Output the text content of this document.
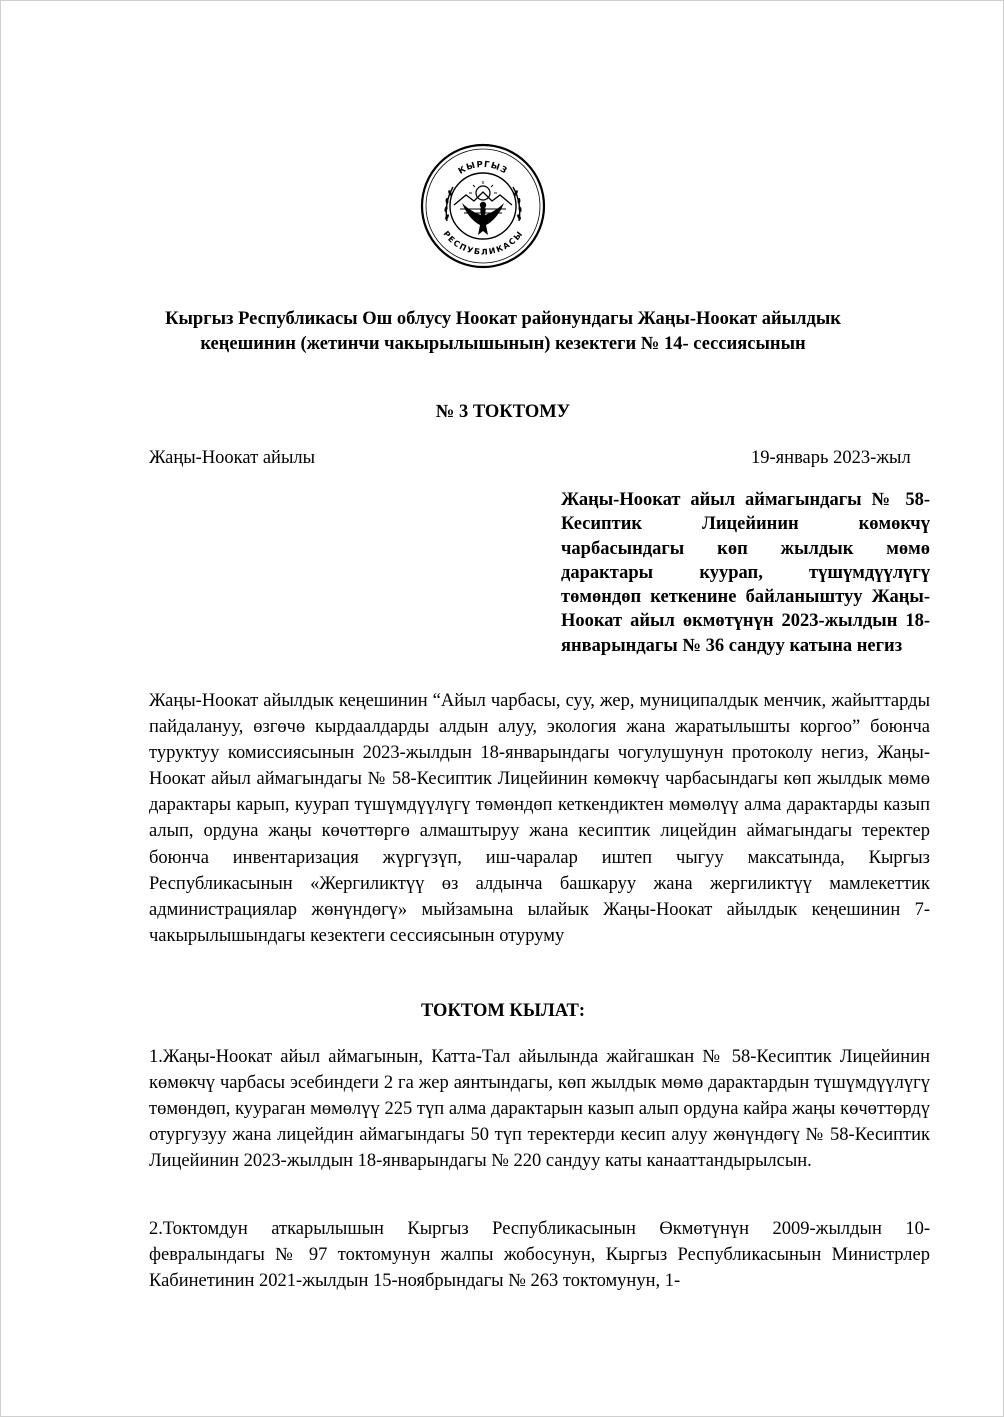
КЫРГЫЗ
РЕСПУБЛИКАСЫ
Кыргыз Республикасы Ош облусу Ноокат районундагы Жаңы-Ноокат айылдык
кеңешинин (жетинчи чакырылышынын) кезектеги № 14- сессиясынын
№ 3 ТОКТОМУ
Жаңы-Ноокат айылы	19-январь 2023-жыл
Жаңы-Ноокат айыл аймагындагы № 58-Кесиптик Лицейинин көмөкчү чарбасындагы көп жылдык мөмө дарактары куурап, түшүмдүүлүгү төмөндөп кеткенине байланыштуу Жаңы-Ноокат айыл өкмөтүнүн 2023-жылдын 18-январындагы № 36 сандуу катына негиз

Жаңы-Ноокат айылдык кеңешинин “Айыл чарбасы, суу, жер, муниципалдык менчик, жайыттарды пайдалануу, өзгөчө кырдаалдарды алдын алуу, экология жана жаратылышты коргоо” боюнча туруктуу комиссиясынын 2023-жылдын 18-январындагы чогулушунун протоколу негиз, Жаңы-Ноокат айыл аймагындагы № 58-Кесиптик Лицейинин көмөкчү чарбасындагы көп жылдык мөмө дарактары карып, куурап түшүмдүүлүгү төмөндөп кеткендиктен мөмөлүү алма дарактарды казып алып, ордуна жаңы көчөттөргө алмаштыруу жана кесиптик лицейдин аймагындагы теректер боюнча инвентаризация жүргүзүп, иш-чаралар иштеп чыгуу максатында, Кыргыз Республикасынын «Жергиликтүү өз алдынча башкаруу жана жергиликтүү мамлекеттик администрациялар жөнүндөгү» мыйзамына ылайык Жаңы-Ноокат айылдык кеңешинин 7-чакырылышындагы кезектеги сессиясынын отуруму

ТОКТОМ КЫЛАТ:

1.Жаңы-Ноокат айыл аймагынын, Катта-Тал айылында жайгашкан № 58-Кесиптик Лицейинин көмөкчү чарбасы эсебиндеги 2 га жер аянтындагы, көп жылдык мөмө дарактардын түшүмдүүлүгү төмөндөп, куураган мөмөлүү 225 түп алма дарактарын казып алып ордуна кайра жаңы көчөттөрдү отургузуу жана лицейдин аймагындагы 50 түп теректерди кесип алуу жөнүндөгү № 58-Кесиптик Лицейинин 2023-жылдын 18-январындагы № 220 сандуу каты канааттандырылсын.

2.Токтомдун аткарылышын Кыргыз Республикасынын Өкмөтүнүн 2009-жылдын 10-февралындагы № 97 токтомунун жалпы жобосунун, Кыргыз Республикасынын Министрлер Кабинетинин 2021-жылдын 15-ноябрындагы № 263 токтомунун, 1-
